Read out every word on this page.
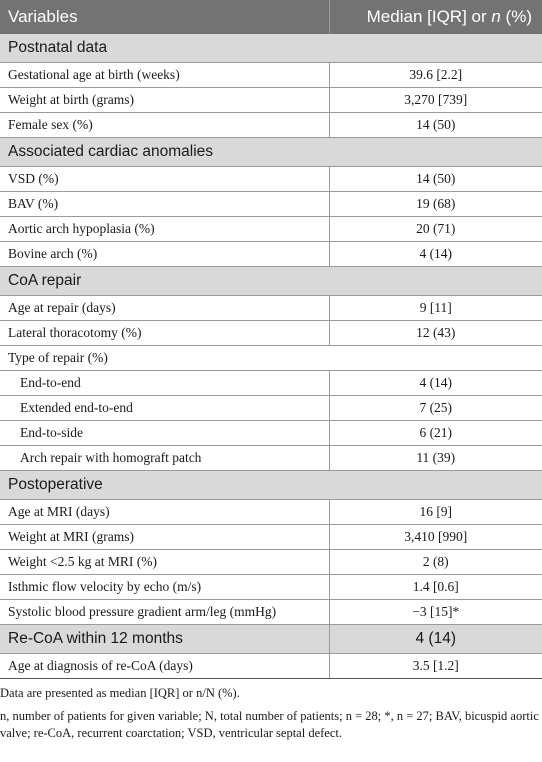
Variables	Median [IQR] or n (%)
Postnatal data	
Gestational age at birth (weeks)	39.6 [2.2]
Weight at birth (grams)	3,270 [739]
Female sex (%)	14 (50)
Associated cardiac anomalies	
VSD (%)	14 (50)
BAV (%)	19 (68)
Aortic arch hypoplasia (%)	20 (71)
Bovine arch (%)	4 (14)
CoA repair	
Age at repair (days)	9 [11]
Lateral thoracotomy (%)	12 (43)
Type of repair (%)	
End-to-end	4 (14)
Extended end-to-end	7 (25)
End-to-side	6 (21)
Arch repair with homograft patch	11 (39)
Postoperative	
Age at MRI (days)	16 [9]
Weight at MRI (grams)	3,410 [990]
Weight <2.5 kg at MRI (%)	2 (8)
Isthmic flow velocity by echo (m/s)	1.4 [0.6]
Systolic blood pressure gradient arm/leg (mmHg)	−3 [15]*
Re-CoA within 12 months	4 (14)
Age at diagnosis of re-CoA (days)	3.5 [1.2]

Data are presented as median [IQR] or n/N (%).

n, number of patients for given variable; N, total number of patients; n = 28; *, n = 27; BAV, bicuspid aortic valve; re-CoA, recurrent coarctation; VSD, ventricular septal defect.
